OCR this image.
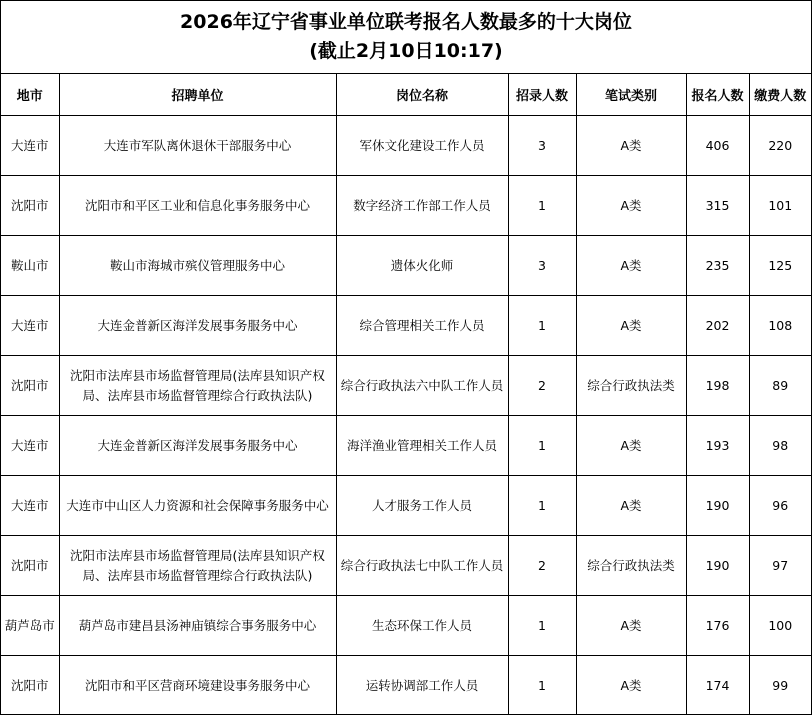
2026年辽宁省事业单位联考报名人数最多的十大岗位
(截止2月10日10:17)
地市	招聘单位	岗位名称	招录人数	笔试类别	报名人数	缴费人数
大连市	大连市军队离休退休干部服务中心	军休文化建设工作人员	3	A类	406	220
沈阳市	沈阳市和平区工业和信息化事务服务中心	数字经济工作部工作人员	1	A类	315	101
鞍山市	鞍山市海城市殡仪管理服务中心	遗体火化师	3	A类	235	125
大连市	大连金普新区海洋发展事务服务中心	综合管理相关工作人员	1	A类	202	108
沈阳市	沈阳市法库县市场监督管理局(法库县知识产权局、法库县市场监督管理综合行政执法队)	综合行政执法六中队工作人员	2	综合行政执法类	198	89
大连市	大连金普新区海洋发展事务服务中心	海洋渔业管理相关工作人员	1	A类	193	98
大连市	大连市中山区人力资源和社会保障事务服务中心	人才服务工作人员	1	A类	190	96
沈阳市	沈阳市法库县市场监督管理局(法库县知识产权局、法库县市场监督管理综合行政执法队)	综合行政执法七中队工作人员	2	综合行政执法类	190	97
葫芦岛市	葫芦岛市建昌县汤神庙镇综合事务服务中心	生态环保工作人员	1	A类	176	100
沈阳市	沈阳市和平区营商环境建设事务服务中心	运转协调部工作人员	1	A类	174	99
